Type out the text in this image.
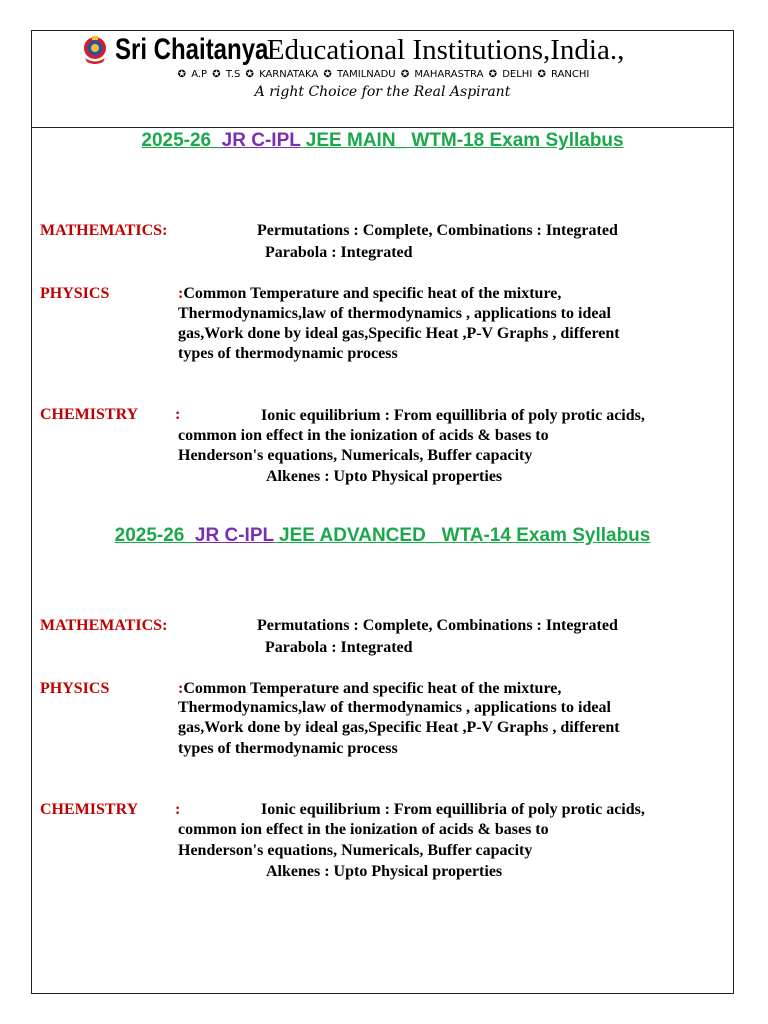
Sri Chaitanya
Educational Institutions,India.,
✪ A.P ✪ T.S ✪ KARNATAKA ✪ TAMILNADU ✪ MAHARASTRA ✪ DELHI ✪ RANCHI
A right Choice for the Real Aspirant
2025-26_JR C-IPL JEE MAIN_ WTM-18 Exam Syllabus
MATHEMATICS:	Permutations : Complete, Combinations : Integrated
Parabola : Integrated
PHYSICS	:Common Temperature and specific heat of the mixture,
Thermodynamics,law of thermodynamics , applications to ideal
gas,Work done by ideal gas,Specific Heat ,P-V Graphs , different
types of thermodynamic process
CHEMISTRY :	Ionic equilibrium : From equillibria of poly protic acids,
common ion effect in the ionization of acids & bases to
Henderson's equations, Numericals, Buffer capacity
Alkenes : Upto Physical properties
2025-26_JR C-IPL JEE ADVANCED_ WTA-14 Exam Syllabus
MATHEMATICS:	Permutations : Complete, Combinations : Integrated
Parabola : Integrated
PHYSICS	:Common Temperature and specific heat of the mixture,
Thermodynamics,law of thermodynamics , applications to ideal
gas,Work done by ideal gas,Specific Heat ,P-V Graphs , different
types of thermodynamic process
CHEMISTRY :	Ionic equilibrium : From equillibria of poly protic acids,
common ion effect in the ionization of acids & bases to
Henderson's equations, Numericals, Buffer capacity
Alkenes : Upto Physical properties
